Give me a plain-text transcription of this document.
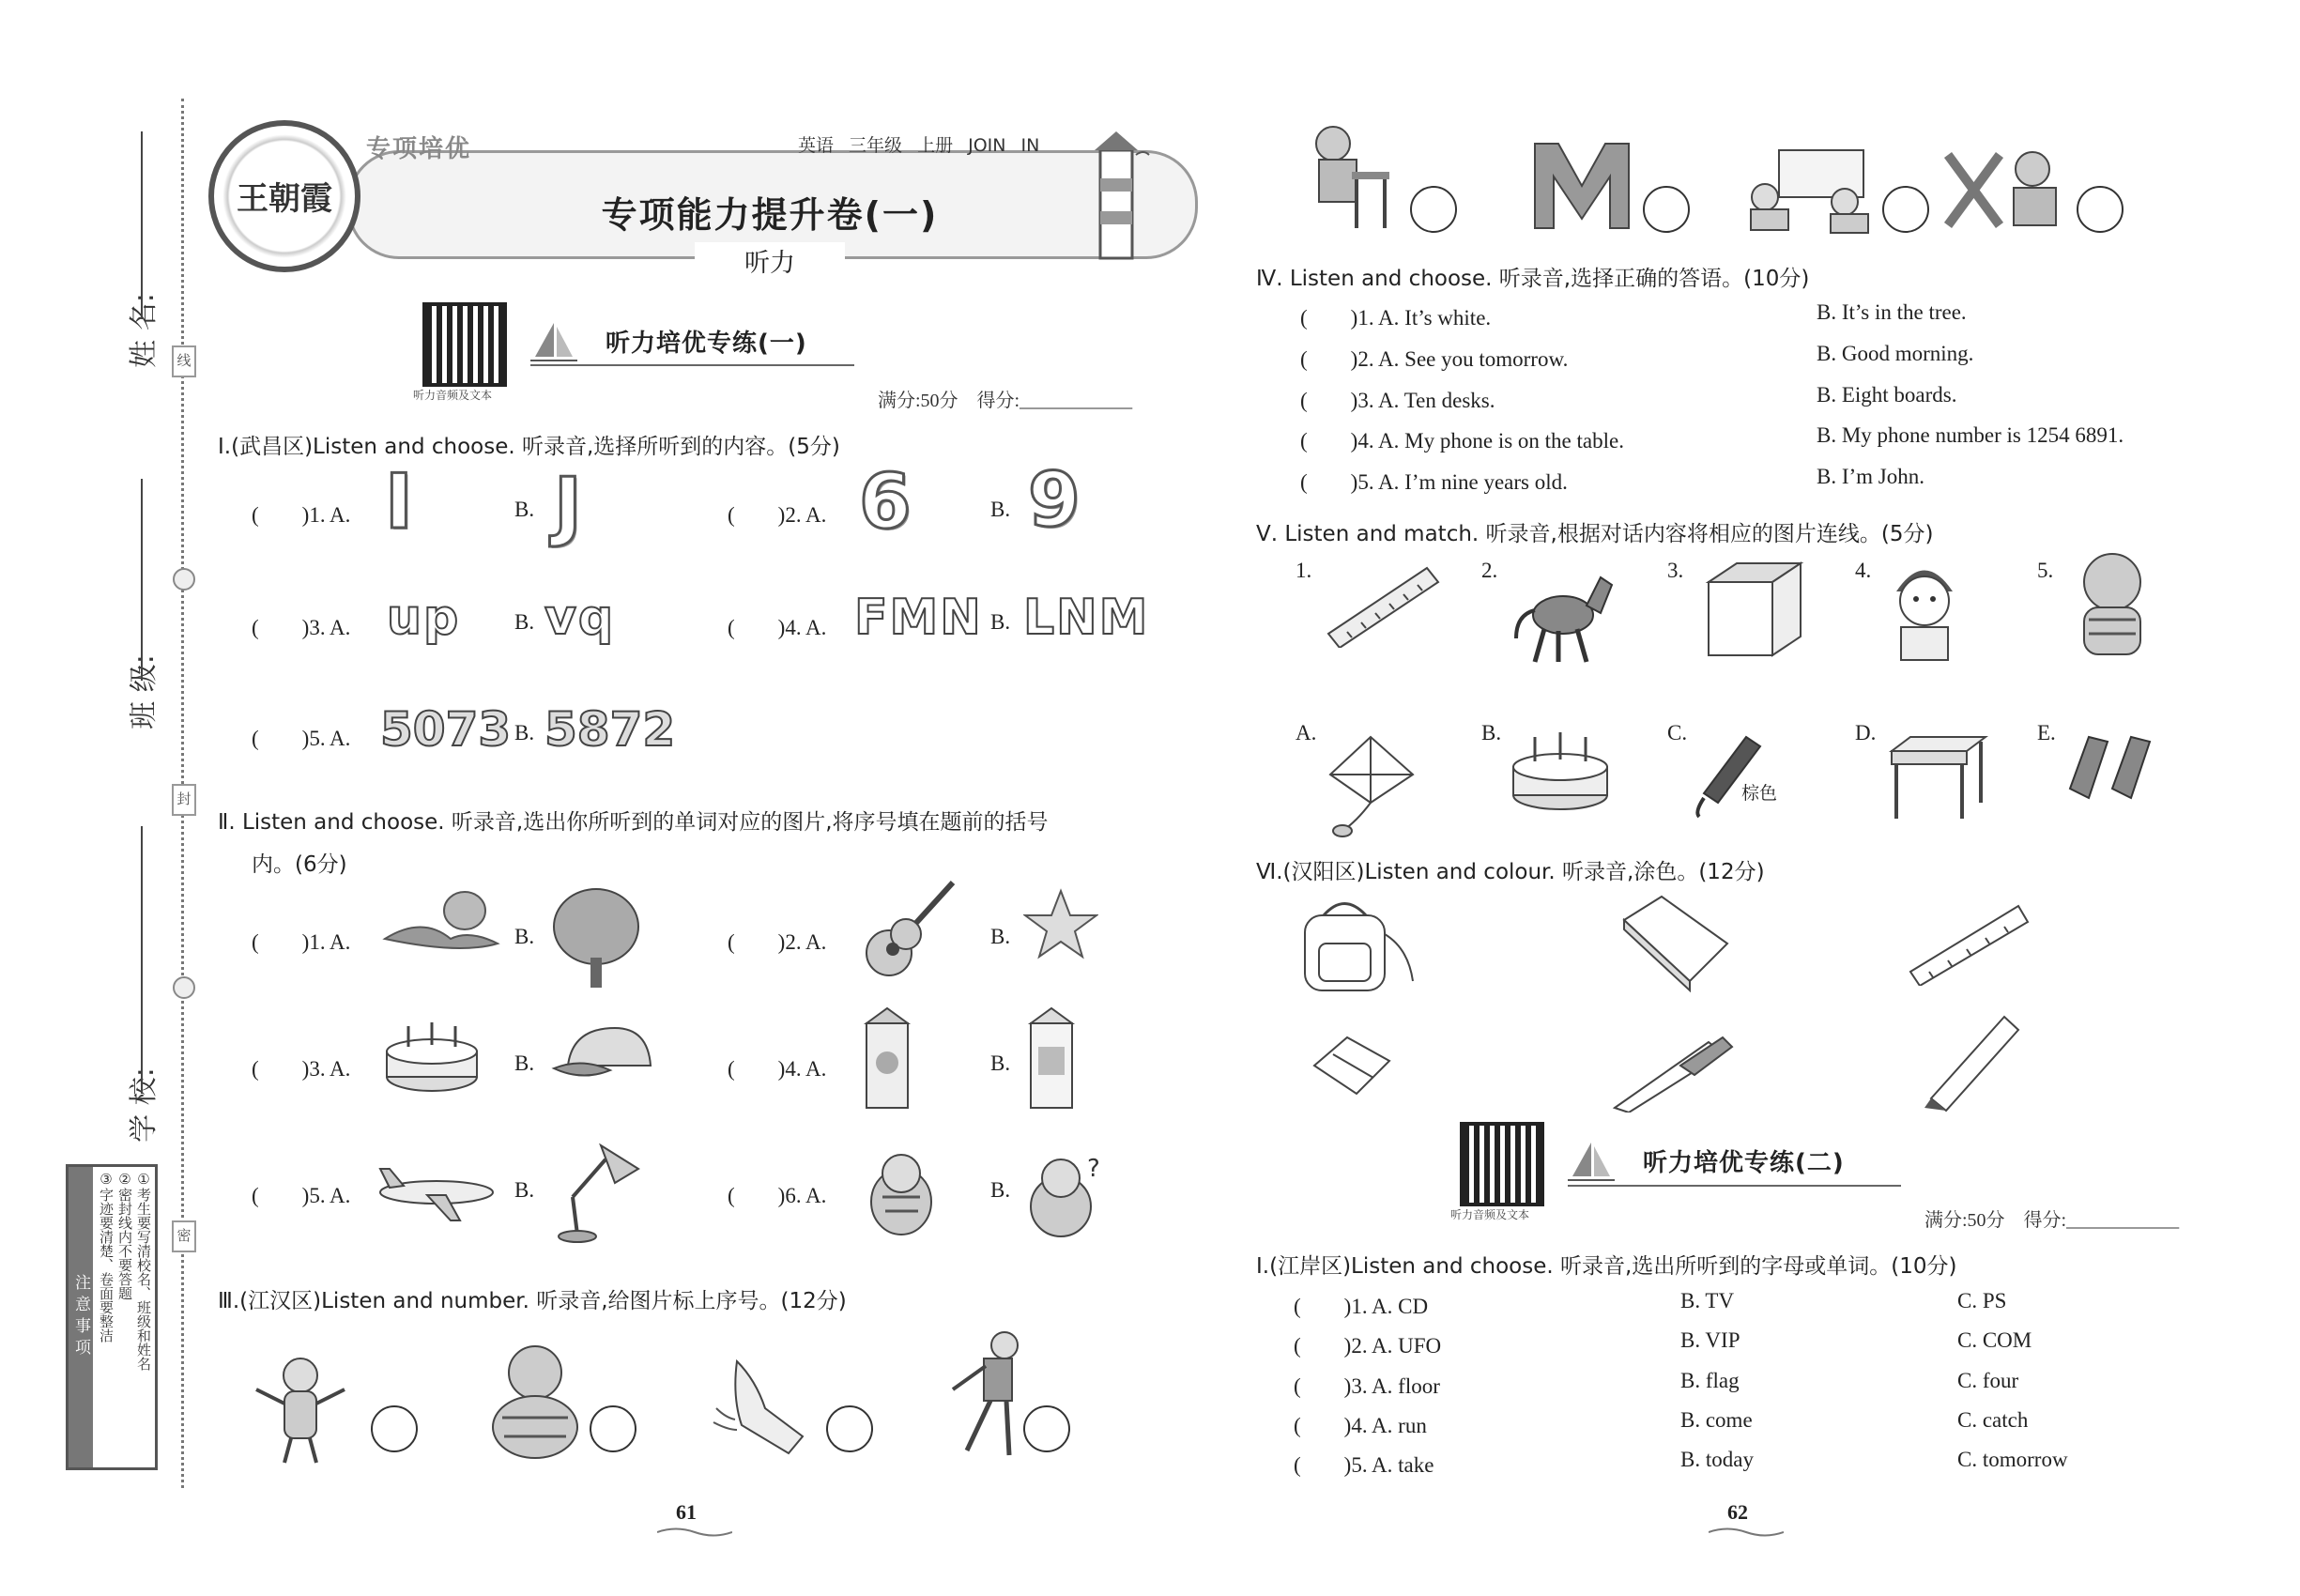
姓 名:
班 级:
学 校:
线
封
密
注意事项	①考生要写清校名、班级和姓名
②密封线内不要答题
③字迹要清楚、卷面要整洁
王朝霞
专项培优	英语 三年级 上册 JOIN IN
专项能力提升卷(一)
听力
听力音频及文本
听力培优专练(一)
满分:50分　得分:____________
Ⅰ.(武昌区)Listen and choose. 听录音,选择所听到的内容。(5分)
(　　)1. A. I	B. J	(　　)2. A. 6	B. 9
(　　)3. A. up	B. vq	(　　)4. A. FMN B. LNM
(　　)5. A. 5073 B. 5872
Ⅱ. Listen and choose. 听录音,选出你所听到的单词对应的图片,将序号填在题前的括号
内。(6分)
(　　)1. A.	B.	(　　)2. A.	B.
(　　)3. A.	B.	(　　)4. A.	B.
(　　)5. A.	B.	(　　)6. A.	B.
?
Ⅲ.(江汉区)Listen and number. 听录音,给图片标上序号。(12分)
61
Ⅳ. Listen and choose. 听录音,选择正确的答语。(10分)
(　　)1. A. It’s white.	B. It’s in the tree.
(　　)2. A. See you tomorrow.	B. Good morning.
(　　)3. A. Ten desks.	B. Eight boards.
(　　)4. A. My phone is on the table.	B. My phone number is 1254 6891.
(　　)5. A. I’m nine years old.	B. I’m John.
Ⅴ. Listen and match. 听录音,根据对话内容将相应的图片连线。(5分)
1.	2.	3.	4.	5.
A.	B.	C.
棕色
D.	E.
Ⅵ.(汉阳区)Listen and colour. 听录音,涂色。(12分)
听力音频及文本
听力培优专练(二)
满分:50分　得分:____________
Ⅰ.(江岸区)Listen and choose. 听录音,选出所听到的字母或单词。(10分)
(　　)1. A. CD	B. TV	C. PS
(　　)2. A. UFO	B. VIP	C. COM
(　　)3. A. floor	B. flag	C. four
(　　)4. A. run	B. come	C. catch
(　　)5. A. take	B. today	C. tomorrow
62
